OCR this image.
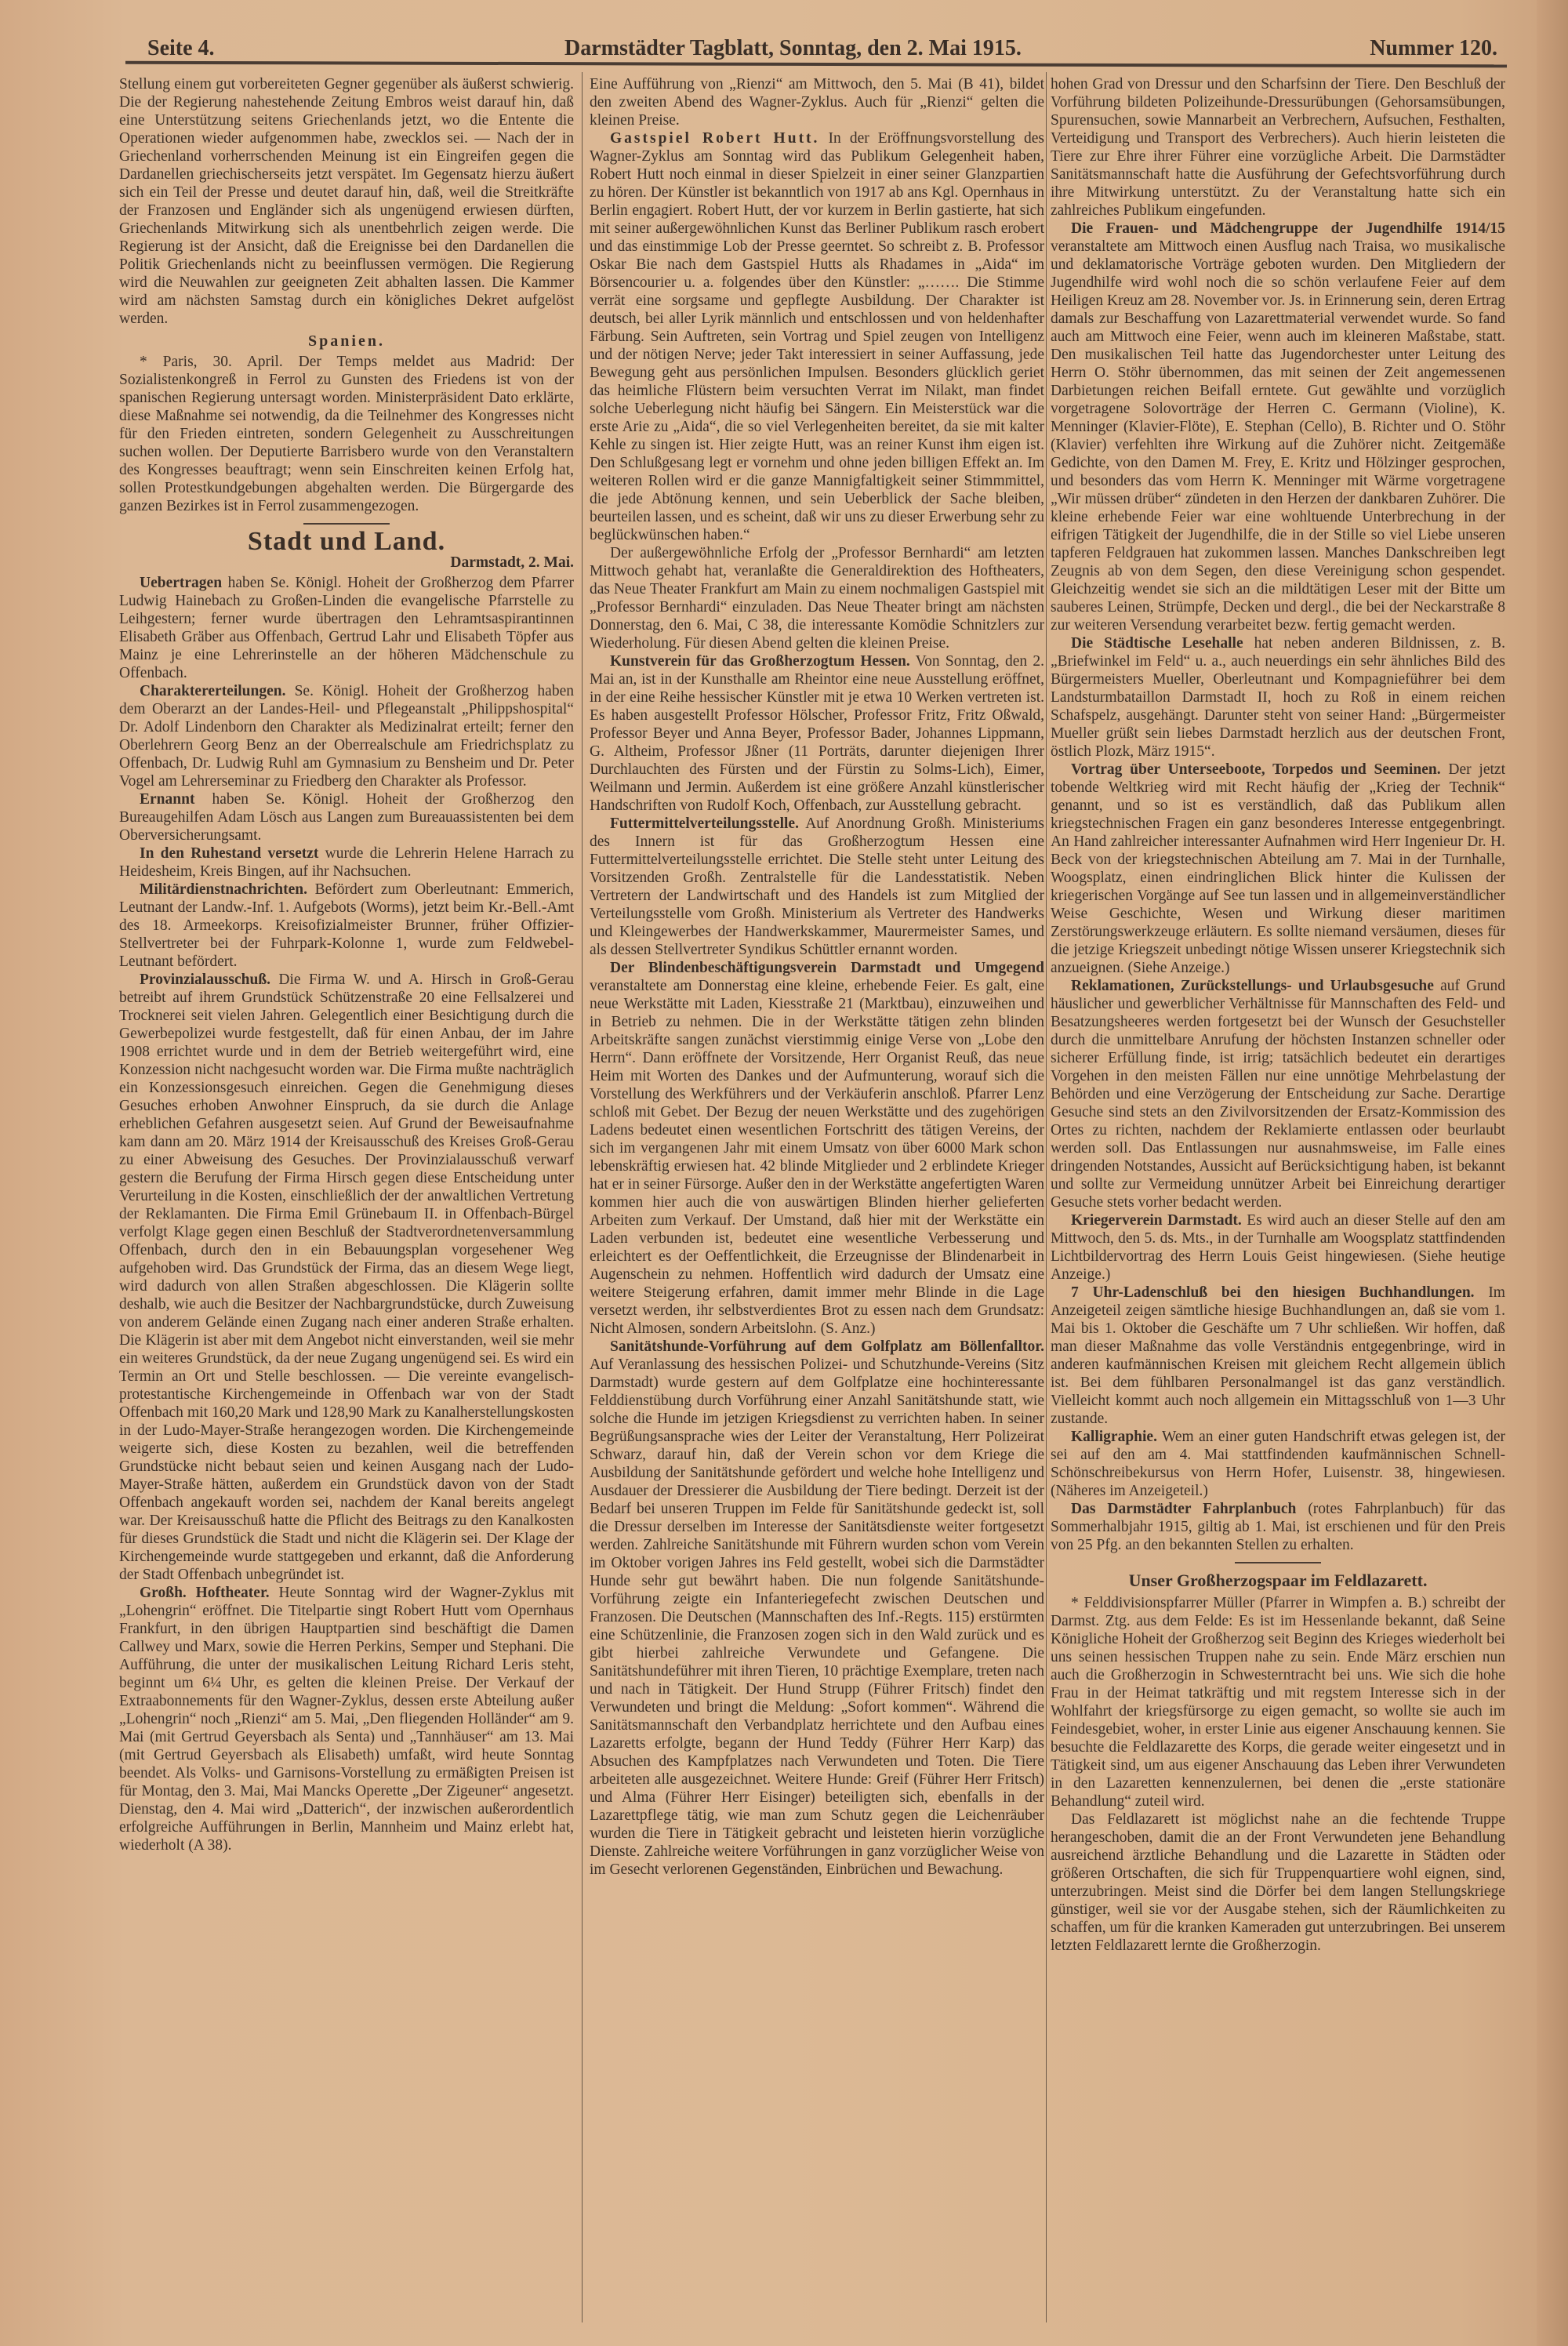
Seite 4.	Darmstädter Tagblatt, Sonntag, den 2. Mai 1915.	Nummer 120.

Stellung einem gut vorbereiteten Gegner gegenüber als äußerst schwierig. Die der Regierung nahestehende Zeitung Embros weist darauf hin, daß eine Unterstützung seitens Griechenlands jetzt, wo die Entente die Operationen wieder aufgenommen habe, zwecklos sei. — Nach der in Griechenland vorherrschenden Meinung ist ein Eingreifen gegen die Dardanellen griechischerseits jetzt verspätet. Im Gegensatz hierzu äußert sich ein Teil der Presse und deutet darauf hin, daß, weil die Streitkräfte der Franzosen und Engländer sich als ungenügend erwiesen dürften, Griechenlands Mitwirkung sich als unentbehrlich zeigen werde. Die Regierung ist der Ansicht, daß die Ereignisse bei den Dardanellen die Politik Griechenlands nicht zu beeinflussen vermögen. Die Regierung wird die Neuwahlen zur geeigneten Zeit abhalten lassen. Die Kammer wird am nächsten Samstag durch ein königliches Dekret aufgelöst werden.

Spanien.

* Paris, 30. April. Der Temps meldet aus Madrid: Der Sozialistenkongreß in Ferrol zu Gunsten des Friedens ist von der spanischen Regierung untersagt worden. Ministerpräsident Dato erklärte, diese Maßnahme sei notwendig, da die Teilnehmer des Kongresses nicht für den Frieden eintreten, sondern Gelegenheit zu Ausschreitungen suchen wollen. Der Deputierte Barrisbero wurde von den Veranstaltern des Kongresses beauftragt; wenn sein Einschreiten keinen Erfolg hat, sollen Protestkundgebungen abgehalten werden. Die Bürgergarde des ganzen Bezirkes ist in Ferrol zusammengezogen.

Stadt und Land.
Darmstadt, 2. Mai.

Uebertragen haben Se. Königl. Hoheit der Großherzog dem Pfarrer Ludwig Hainebach zu Großen-Linden die evangelische Pfarrstelle zu Leihgestern; ferner wurde übertragen den Lehramtsaspirantinnen Elisabeth Gräber aus Offenbach, Gertrud Lahr und Elisabeth Töpfer aus Mainz je eine Lehrerinstelle an der höheren Mädchenschule zu Offenbach.

Charaktererteilungen. Se. Königl. Hoheit der Großherzog haben dem Oberarzt an der Landes-Heil- und Pflegeanstalt „Philippshospital“ Dr. Adolf Lindenborn den Charakter als Medizinalrat erteilt; ferner den Oberlehrern Georg Benz an der Oberrealschule am Friedrichsplatz zu Offenbach, Dr. Ludwig Ruhl am Gymnasium zu Bensheim und Dr. Peter Vogel am Lehrerseminar zu Friedberg den Charakter als Professor.

Ernannt haben Se. Königl. Hoheit der Großherzog den Bureaugehilfen Adam Lösch aus Langen zum Bureauassistenten bei dem Oberversicherungsamt.

In den Ruhestand versetzt wurde die Lehrerin Helene Harrach zu Heidesheim, Kreis Bingen, auf ihr Nachsuchen.

Militärdienstnachrichten. Befördert zum Oberleutnant: Emmerich, Leutnant der Landw.-Inf. 1. Aufgebots (Worms), jetzt beim Kr.-Bell.-Amt des 18. Armeekorps. Kreisofizialmeister Brunner, früher Offizier-Stellvertreter bei der Fuhrpark-Kolonne 1, wurde zum Feldwebel-Leutnant befördert.

Provinzialausschuß. Die Firma W. und A. Hirsch in Groß-Gerau betreibt auf ihrem Grundstück Schützenstraße 20 eine Fellsalzerei und Trocknerei seit vielen Jahren. Gelegentlich einer Besichtigung durch die Gewerbepolizei wurde festgestellt, daß für einen Anbau, der im Jahre 1908 errichtet wurde und in dem der Betrieb weitergeführt wird, eine Konzession nicht nachgesucht worden war. Die Firma mußte nachträglich ein Konzessionsgesuch einreichen. Gegen die Genehmigung dieses Gesuches erhoben Anwohner Einspruch, da sie durch die Anlage erheblichen Gefahren ausgesetzt seien. Auf Grund der Beweisaufnahme kam dann am 20. März 1914 der Kreisausschuß des Kreises Groß-Gerau zu einer Abweisung des Gesuches. Der Provinzialausschuß verwarf gestern die Berufung der Firma Hirsch gegen diese Entscheidung unter Verurteilung in die Kosten, einschließlich der der anwaltlichen Vertretung der Reklamanten. Die Firma Emil Grünebaum II. in Offenbach-Bürgel verfolgt Klage gegen einen Beschluß der Stadtverordnetenversammlung Offenbach, durch den in ein Bebauungsplan vorgesehener Weg aufgehoben wird. Das Grundstück der Firma, das an diesem Wege liegt, wird dadurch von allen Straßen abgeschlossen. Die Klägerin sollte deshalb, wie auch die Besitzer der Nachbargrundstücke, durch Zuweisung von anderem Gelände einen Zugang nach einer anderen Straße erhalten. Die Klägerin ist aber mit dem Angebot nicht einverstanden, weil sie mehr ein weiteres Grundstück, da der neue Zugang ungenügend sei. Es wird ein Termin an Ort und Stelle beschlossen. — Die vereinte evangelisch-protestantische Kirchengemeinde in Offenbach war von der Stadt Offenbach mit 160,20 Mark und 128,90 Mark zu Kanalherstellungskosten in der Ludo-Mayer-Straße herangezogen worden. Die Kirchengemeinde weigerte sich, diese Kosten zu bezahlen, weil die betreffenden Grundstücke nicht bebaut seien und keinen Ausgang nach der Ludo-Mayer-Straße hätten, außerdem ein Grundstück davon von der Stadt Offenbach angekauft worden sei, nachdem der Kanal bereits angelegt war. Der Kreisausschuß hatte die Pflicht des Beitrags zu den Kanalkosten für dieses Grundstück die Stadt und nicht die Klägerin sei. Der Klage der Kirchengemeinde wurde stattgegeben und erkannt, daß die Anforderung der Stadt Offenbach unbegründet ist.

Großh. Hoftheater. Heute Sonntag wird der Wagner-Zyklus mit „Lohengrin“ eröffnet. Die Titelpartie singt Robert Hutt vom Opernhaus Frankfurt, in den übrigen Hauptpartien sind beschäftigt die Damen Callwey und Marx, sowie die Herren Perkins, Semper und Stephani. Die Aufführung, die unter der musikalischen Leitung Richard Leris steht, beginnt um 6¼ Uhr, es gelten die kleinen Preise. Der Verkauf der Extraabonnements für den Wagner-Zyklus, dessen erste Abteilung außer „Lohengrin“ noch „Rienzi“ am 5. Mai, „Den fliegenden Holländer“ am 9. Mai (mit Gertrud Geyersbach als Senta) und „Tannhäuser“ am 13. Mai (mit Gertrud Geyersbach als Elisabeth) umfaßt, wird heute Sonntag beendet. Als Volks- und Garnisons-Vorstellung zu ermäßigten Preisen ist für Montag, den 3. Mai, Mai Mancks Operette „Der Zigeuner“ angesetzt. Dienstag, den 4. Mai wird „Datterich“, der inzwischen außerordentlich erfolgreiche Aufführungen in Berlin, Mannheim und Mainz erlebt hat, wiederholt (A 38).

Eine Aufführung von „Rienzi“ am Mittwoch, den 5. Mai (B 41), bildet den zweiten Abend des Wagner-Zyklus. Auch für „Rienzi“ gelten die kleinen Preise.

Gastspiel Robert Hutt. In der Eröffnungsvorstellung des Wagner-Zyklus am Sonntag wird das Publikum Gelegenheit haben, Robert Hutt noch einmal in dieser Spielzeit in einer seiner Glanzpartien zu hören. Der Künstler ist bekanntlich von 1917 ab ans Kgl. Opernhaus in Berlin engagiert. Robert Hutt, der vor kurzem in Berlin gastierte, hat sich mit seiner außergewöhnlichen Kunst das Berliner Publikum rasch erobert und das einstimmige Lob der Presse geerntet. So schreibt z. B. Professor Oskar Bie nach dem Gastspiel Hutts als Rhadames in „Aida“ im Börsencourier u. a. folgendes über den Künstler: „……. Die Stimme verrät eine sorgsame und gepflegte Ausbildung. Der Charakter ist deutsch, bei aller Lyrik männlich und entschlossen und von heldenhafter Färbung. Sein Auftreten, sein Vortrag und Spiel zeugen von Intelligenz und der nötigen Nerve; jeder Takt interessiert in seiner Auffassung, jede Bewegung geht aus persönlichen Impulsen. Besonders glücklich geriet das heimliche Flüstern beim versuchten Verrat im Nilakt, man findet solche Ueberlegung nicht häufig bei Sängern. Ein Meisterstück war die erste Arie zu „Aida“, die so viel Verlegenheiten bereitet, da sie mit kalter Kehle zu singen ist. Hier zeigte Hutt, was an reiner Kunst ihm eigen ist. Den Schlußgesang legt er vornehm und ohne jeden billigen Effekt an. Im weiteren Rollen wird er die ganze Mannigfaltigkeit seiner Stimmmittel, die jede Abtönung kennen, und sein Ueberblick der Sache bleiben, beurteilen lassen, und es scheint, daß wir uns zu dieser Erwerbung sehr zu beglückwünschen haben.“

Der außergewöhnliche Erfolg der „Professor Bernhardi“ am letzten Mittwoch gehabt hat, veranlaßte die Generaldirektion des Hoftheaters, das Neue Theater Frankfurt am Main zu einem nochmaligen Gastspiel mit „Professor Bernhardi“ einzuladen. Das Neue Theater bringt am nächsten Donnerstag, den 6. Mai, C 38, die interessante Komödie Schnitzlers zur Wiederholung. Für diesen Abend gelten die kleinen Preise.

Kunstverein für das Großherzogtum Hessen. Von Sonntag, den 2. Mai an, ist in der Kunsthalle am Rheintor eine neue Ausstellung eröffnet, in der eine Reihe hessischer Künstler mit je etwa 10 Werken vertreten ist. Es haben ausgestellt Professor Hölscher, Professor Fritz, Fritz Oßwald, Professor Beyer und Anna Beyer, Professor Bader, Johannes Lippmann, G. Altheim, Professor Jßner (11 Porträts, darunter diejenigen Ihrer Durchlauchten des Fürsten und der Fürstin zu Solms-Lich), Eimer, Weilmann und Jermin. Außerdem ist eine größere Anzahl künstlerischer Handschriften von Rudolf Koch, Offenbach, zur Ausstellung gebracht.

Futtermittelverteilungsstelle. Auf Anordnung Großh. Ministeriums des Innern ist für das Großherzogtum Hessen eine Futtermittelverteilungsstelle errichtet. Die Stelle steht unter Leitung des Vorsitzenden Großh. Zentralstelle für die Landesstatistik. Neben Vertretern der Landwirtschaft und des Handels ist zum Mitglied der Verteilungsstelle vom Großh. Ministerium als Vertreter des Handwerks und Kleingewerbes der Handwerkskammer, Maurermeister Sames, und als dessen Stellvertreter Syndikus Schüttler ernannt worden.

Der Blindenbeschäftigungsverein Darmstadt und Umgegend veranstaltete am Donnerstag eine kleine, erhebende Feier. Es galt, eine neue Werkstätte mit Laden, Kiesstraße 21 (Marktbau), einzuweihen und in Betrieb zu nehmen. Die in der Werkstätte tätigen zehn blinden Arbeitskräfte sangen zunächst vierstimmig einige Verse von „Lobe den Herrn“. Dann eröffnete der Vorsitzende, Herr Organist Reuß, das neue Heim mit Worten des Dankes und der Aufmunterung, worauf sich die Vorstellung des Werkführers und der Verkäuferin anschloß. Pfarrer Lenz schloß mit Gebet. Der Bezug der neuen Werkstätte und des zugehörigen Ladens bedeutet einen wesentlichen Fortschritt des tätigen Vereins, der sich im vergangenen Jahr mit einem Umsatz von über 6000 Mark schon lebenskräftig erwiesen hat. 42 blinde Mitglieder und 2 erblindete Krieger hat er in seiner Fürsorge. Außer den in der Werkstätte angefertigten Waren kommen hier auch die von auswärtigen Blinden hierher gelieferten Arbeiten zum Verkauf. Der Umstand, daß hier mit der Werkstätte ein Laden verbunden ist, bedeutet eine wesentliche Verbesserung und erleichtert es der Oeffentlichkeit, die Erzeugnisse der Blindenarbeit in Augenschein zu nehmen. Hoffentlich wird dadurch der Umsatz eine weitere Steigerung erfahren, damit immer mehr Blinde in die Lage versetzt werden, ihr selbstverdientes Brot zu essen nach dem Grundsatz: Nicht Almosen, sondern Arbeitslohn. (S. Anz.)

Sanitätshunde-Vorführung auf dem Golfplatz am Böllenfalltor. Auf Veranlassung des hessischen Polizei- und Schutzhunde-Vereins (Sitz Darmstadt) wurde gestern auf dem Golfplatze eine hochinteressante Felddienstübung durch Vorführung einer Anzahl Sanitätshunde statt, wie solche die Hunde im jetzigen Kriegsdienst zu verrichten haben. In seiner Begrüßungsansprache wies der Leiter der Veranstaltung, Herr Polizeirat Schwarz, darauf hin, daß der Verein schon vor dem Kriege die Ausbildung der Sanitätshunde gefördert und welche hohe Intelligenz und Ausdauer der Dressierer die Ausbildung der Tiere bedingt. Derzeit ist der Bedarf bei unseren Truppen im Felde für Sanitätshunde gedeckt ist, soll die Dressur derselben im Interesse der Sanitätsdienste weiter fortgesetzt werden. Zahlreiche Sanitätshunde mit Führern wurden schon vom Verein im Oktober vorigen Jahres ins Feld gestellt, wobei sich die Darmstädter Hunde sehr gut bewährt haben. Die nun folgende Sanitätshunde-Vorführung zeigte ein Infanteriegefecht zwischen Deutschen und Franzosen. Die Deutschen (Mannschaften des Inf.-Regts. 115) erstürmten eine Schützenlinie, die Franzosen zogen sich in den Wald zurück und es gibt hierbei zahlreiche Verwundete und Gefangene. Die Sanitätshundeführer mit ihren Tieren, 10 prächtige Exemplare, treten nach und nach in Tätigkeit. Der Hund Strupp (Führer Fritsch) findet den Verwundeten und bringt die Meldung: „Sofort kommen“. Während die Sanitätsmannschaft den Verbandplatz herrichtete und den Aufbau eines Lazaretts erfolgte, begann der Hund Teddy (Führer Herr Karp) das Absuchen des Kampfplatzes nach Verwundeten und Toten. Die Tiere arbeiteten alle ausgezeichnet. Weitere Hunde: Greif (Führer Herr Fritsch) und Alma (Führer Herr Eisinger) beteiligten sich, ebenfalls in der Lazarettpflege tätig, wie man zum Schutz gegen die Leichenräuber wurden die Tiere in Tätigkeit gebracht und leisteten hierin vorzügliche Dienste. Zahlreiche weitere Vorführungen in ganz vorzüglicher Weise von im Gesecht verlorenen Gegenständen, Einbrüchen und Bewachung.

hohen Grad von Dressur und den Scharfsinn der Tiere. Den Beschluß der Vorführung bildeten Polizeihunde-Dressurübungen (Gehorsamsübungen, Spurensuchen, sowie Mannarbeit an Verbrechern, Aufsuchen, Festhalten, Verteidigung und Transport des Verbrechers). Auch hierin leisteten die Tiere zur Ehre ihrer Führer eine vorzügliche Arbeit. Die Darmstädter Sanitätsmannschaft hatte die Ausführung der Gefechtsvorführung durch ihre Mitwirkung unterstützt. Zu der Veranstaltung hatte sich ein zahlreiches Publikum eingefunden.

Die Frauen- und Mädchengruppe der Jugendhilfe 1914/15 veranstaltete am Mittwoch einen Ausflug nach Traisa, wo musikalische und deklamatorische Vorträge geboten wurden. Den Mitgliedern der Jugendhilfe wird wohl noch die so schön verlaufene Feier auf dem Heiligen Kreuz am 28. November vor. Js. in Erinnerung sein, deren Ertrag damals zur Beschaffung von Lazarettmaterial verwendet wurde. So fand auch am Mittwoch eine Feier, wenn auch im kleineren Maßstabe, statt. Den musikalischen Teil hatte das Jugendorchester unter Leitung des Herrn O. Stöhr übernommen, das mit seinen der Zeit angemessenen Darbietungen reichen Beifall erntete. Gut gewählte und vorzüglich vorgetragene Solovorträge der Herren C. Germann (Violine), K. Menninger (Klavier-Flöte), E. Stephan (Cello), B. Richter und O. Stöhr (Klavier) verfehlten ihre Wirkung auf die Zuhörer nicht. Zeitgemäße Gedichte, von den Damen M. Frey, E. Kritz und Hölzinger gesprochen, und besonders das vom Herrn K. Menninger mit Wärme vorgetragene „Wir müssen drüber“ zündeten in den Herzen der dankbaren Zuhörer. Die kleine erhebende Feier war eine wohltuende Unterbrechung in der eifrigen Tätigkeit der Jugendhilfe, die in der Stille so viel Liebe unseren tapferen Feldgrauen hat zukommen lassen. Manches Dankschreiben legt Zeugnis ab von dem Segen, den diese Vereinigung schon gespendet. Gleichzeitig wendet sie sich an die mildtätigen Leser mit der Bitte um sauberes Leinen, Strümpfe, Decken und dergl., die bei der Neckarstraße 8 zur weiteren Versendung verarbeitet bezw. fertig gemacht werden.

Die Städtische Lesehalle hat neben anderen Bildnissen, z. B. „Briefwinkel im Feld“ u. a., auch neuerdings ein sehr ähnliches Bild des Bürgermeisters Mueller, Oberleutnant und Kompagnieführer bei dem Landsturmbataillon Darmstadt II, hoch zu Roß in einem reichen Schafspelz, ausgehängt. Darunter steht von seiner Hand: „Bürgermeister Mueller grüßt sein liebes Darmstadt herzlich aus der deutschen Front, östlich Plozk, März 1915“.

Vortrag über Unterseeboote, Torpedos und Seeminen. Der jetzt tobende Weltkrieg wird mit Recht häufig der „Krieg der Technik“ genannt, und so ist es verständlich, daß das Publikum allen kriegstechnischen Fragen ein ganz besonderes Interesse entgegenbringt. An Hand zahlreicher interessanter Aufnahmen wird Herr Ingenieur Dr. H. Beck von der kriegstechnischen Abteilung am 7. Mai in der Turnhalle, Woogsplatz, einen eindringlichen Blick hinter die Kulissen der kriegerischen Vorgänge auf See tun lassen und in allgemeinverständlicher Weise Geschichte, Wesen und Wirkung dieser maritimen Zerstörungswerkzeuge erläutern. Es sollte niemand versäumen, dieses für die jetzige Kriegszeit unbedingt nötige Wissen unserer Kriegstechnik sich anzueignen. (Siehe Anzeige.)

Reklamationen, Zurückstellungs- und Urlaubsgesuche auf Grund häuslicher und gewerblicher Verhältnisse für Mannschaften des Feld- und Besatzungsheeres werden fortgesetzt bei der Wunsch der Gesuchsteller durch die unmittelbare Anrufung der höchsten Instanzen schneller oder sicherer Erfüllung finde, ist irrig; tatsächlich bedeutet ein derartiges Vorgehen in den meisten Fällen nur eine unnötige Mehrbelastung der Behörden und eine Verzögerung der Entscheidung zur Sache. Derartige Gesuche sind stets an den Zivilvorsitzenden der Ersatz-Kommission des Ortes zu richten, nachdem der Reklamierte entlassen oder beurlaubt werden soll. Das Entlassungen nur ausnahmsweise, im Falle eines dringenden Notstandes, Aussicht auf Berücksichtigung haben, ist bekannt und sollte zur Vermeidung unnützer Arbeit bei Einreichung derartiger Gesuche stets vorher bedacht werden.

Kriegerverein Darmstadt. Es wird auch an dieser Stelle auf den am Mittwoch, den 5. ds. Mts., in der Turnhalle am Woogsplatz stattfindenden Lichtbildervortrag des Herrn Louis Geist hingewiesen. (Siehe heutige Anzeige.)

7 Uhr-Ladenschluß bei den hiesigen Buchhandlungen. Im Anzeigeteil zeigen sämtliche hiesige Buchhandlungen an, daß sie vom 1. Mai bis 1. Oktober die Geschäfte um 7 Uhr schließen. Wir hoffen, daß man dieser Maßnahme das volle Verständnis entgegenbringe, wird in anderen kaufmännischen Kreisen mit gleichem Recht allgemein üblich ist. Bei dem fühlbaren Personalmangel ist das ganz verständlich. Vielleicht kommt auch noch allgemein ein Mittagsschluß von 1—3 Uhr zustande.

Kalligraphie. Wem an einer guten Handschrift etwas gelegen ist, der sei auf den am 4. Mai stattfindenden kaufmännischen Schnell-Schönschreibekursus von Herrn Hofer, Luisenstr. 38, hingewiesen. (Näheres im Anzeigeteil.)

Das Darmstädter Fahrplanbuch (rotes Fahrplanbuch) für das Sommerhalbjahr 1915, giltig ab 1. Mai, ist erschienen und für den Preis von 25 Pfg. an den bekannten Stellen zu erhalten.

Unser Großherzogspaar im Feldlazarett.

* Felddivisionspfarrer Müller (Pfarrer in Wimpfen a. B.) schreibt der Darmst. Ztg. aus dem Felde: Es ist im Hessenlande bekannt, daß Seine Königliche Hoheit der Großherzog seit Beginn des Krieges wiederholt bei uns seinen hessischen Truppen nahe zu sein. Ende März erschien nun auch die Großherzogin in Schwesterntracht bei uns. Wie sich die hohe Frau in der Heimat tatkräftig und mit regstem Interesse sich in der Wohlfahrt der kriegsfürsorge zu eigen gemacht, so wollte sie auch im Feindesgebiet, woher, in erster Linie aus eigener Anschauung kennen. Sie besuchte die Feldlazarette des Korps, die gerade weiter eingesetzt und in Tätigkeit sind, um aus eigener Anschauung das Leben ihrer Verwundeten in den Lazaretten kennenzulernen, bei denen die „erste stationäre Behandlung“ zuteil wird.

Das Feldlazarett ist möglichst nahe an die fechtende Truppe herangeschoben, damit die an der Front Verwundeten jene Behandlung ausreichend ärztliche Behandlung und die Lazarette in Städten oder größeren Ortschaften, die sich für Truppenquartiere wohl eignen, sind, unterzubringen. Meist sind die Dörfer bei dem langen Stellungskriege günstiger, weil sie vor der Ausgabe stehen, sich der Räumlichkeiten zu schaffen, um für die kranken Kameraden gut unterzubringen. Bei unserem letzten Feldlazarett lernte die Großherzogin.
